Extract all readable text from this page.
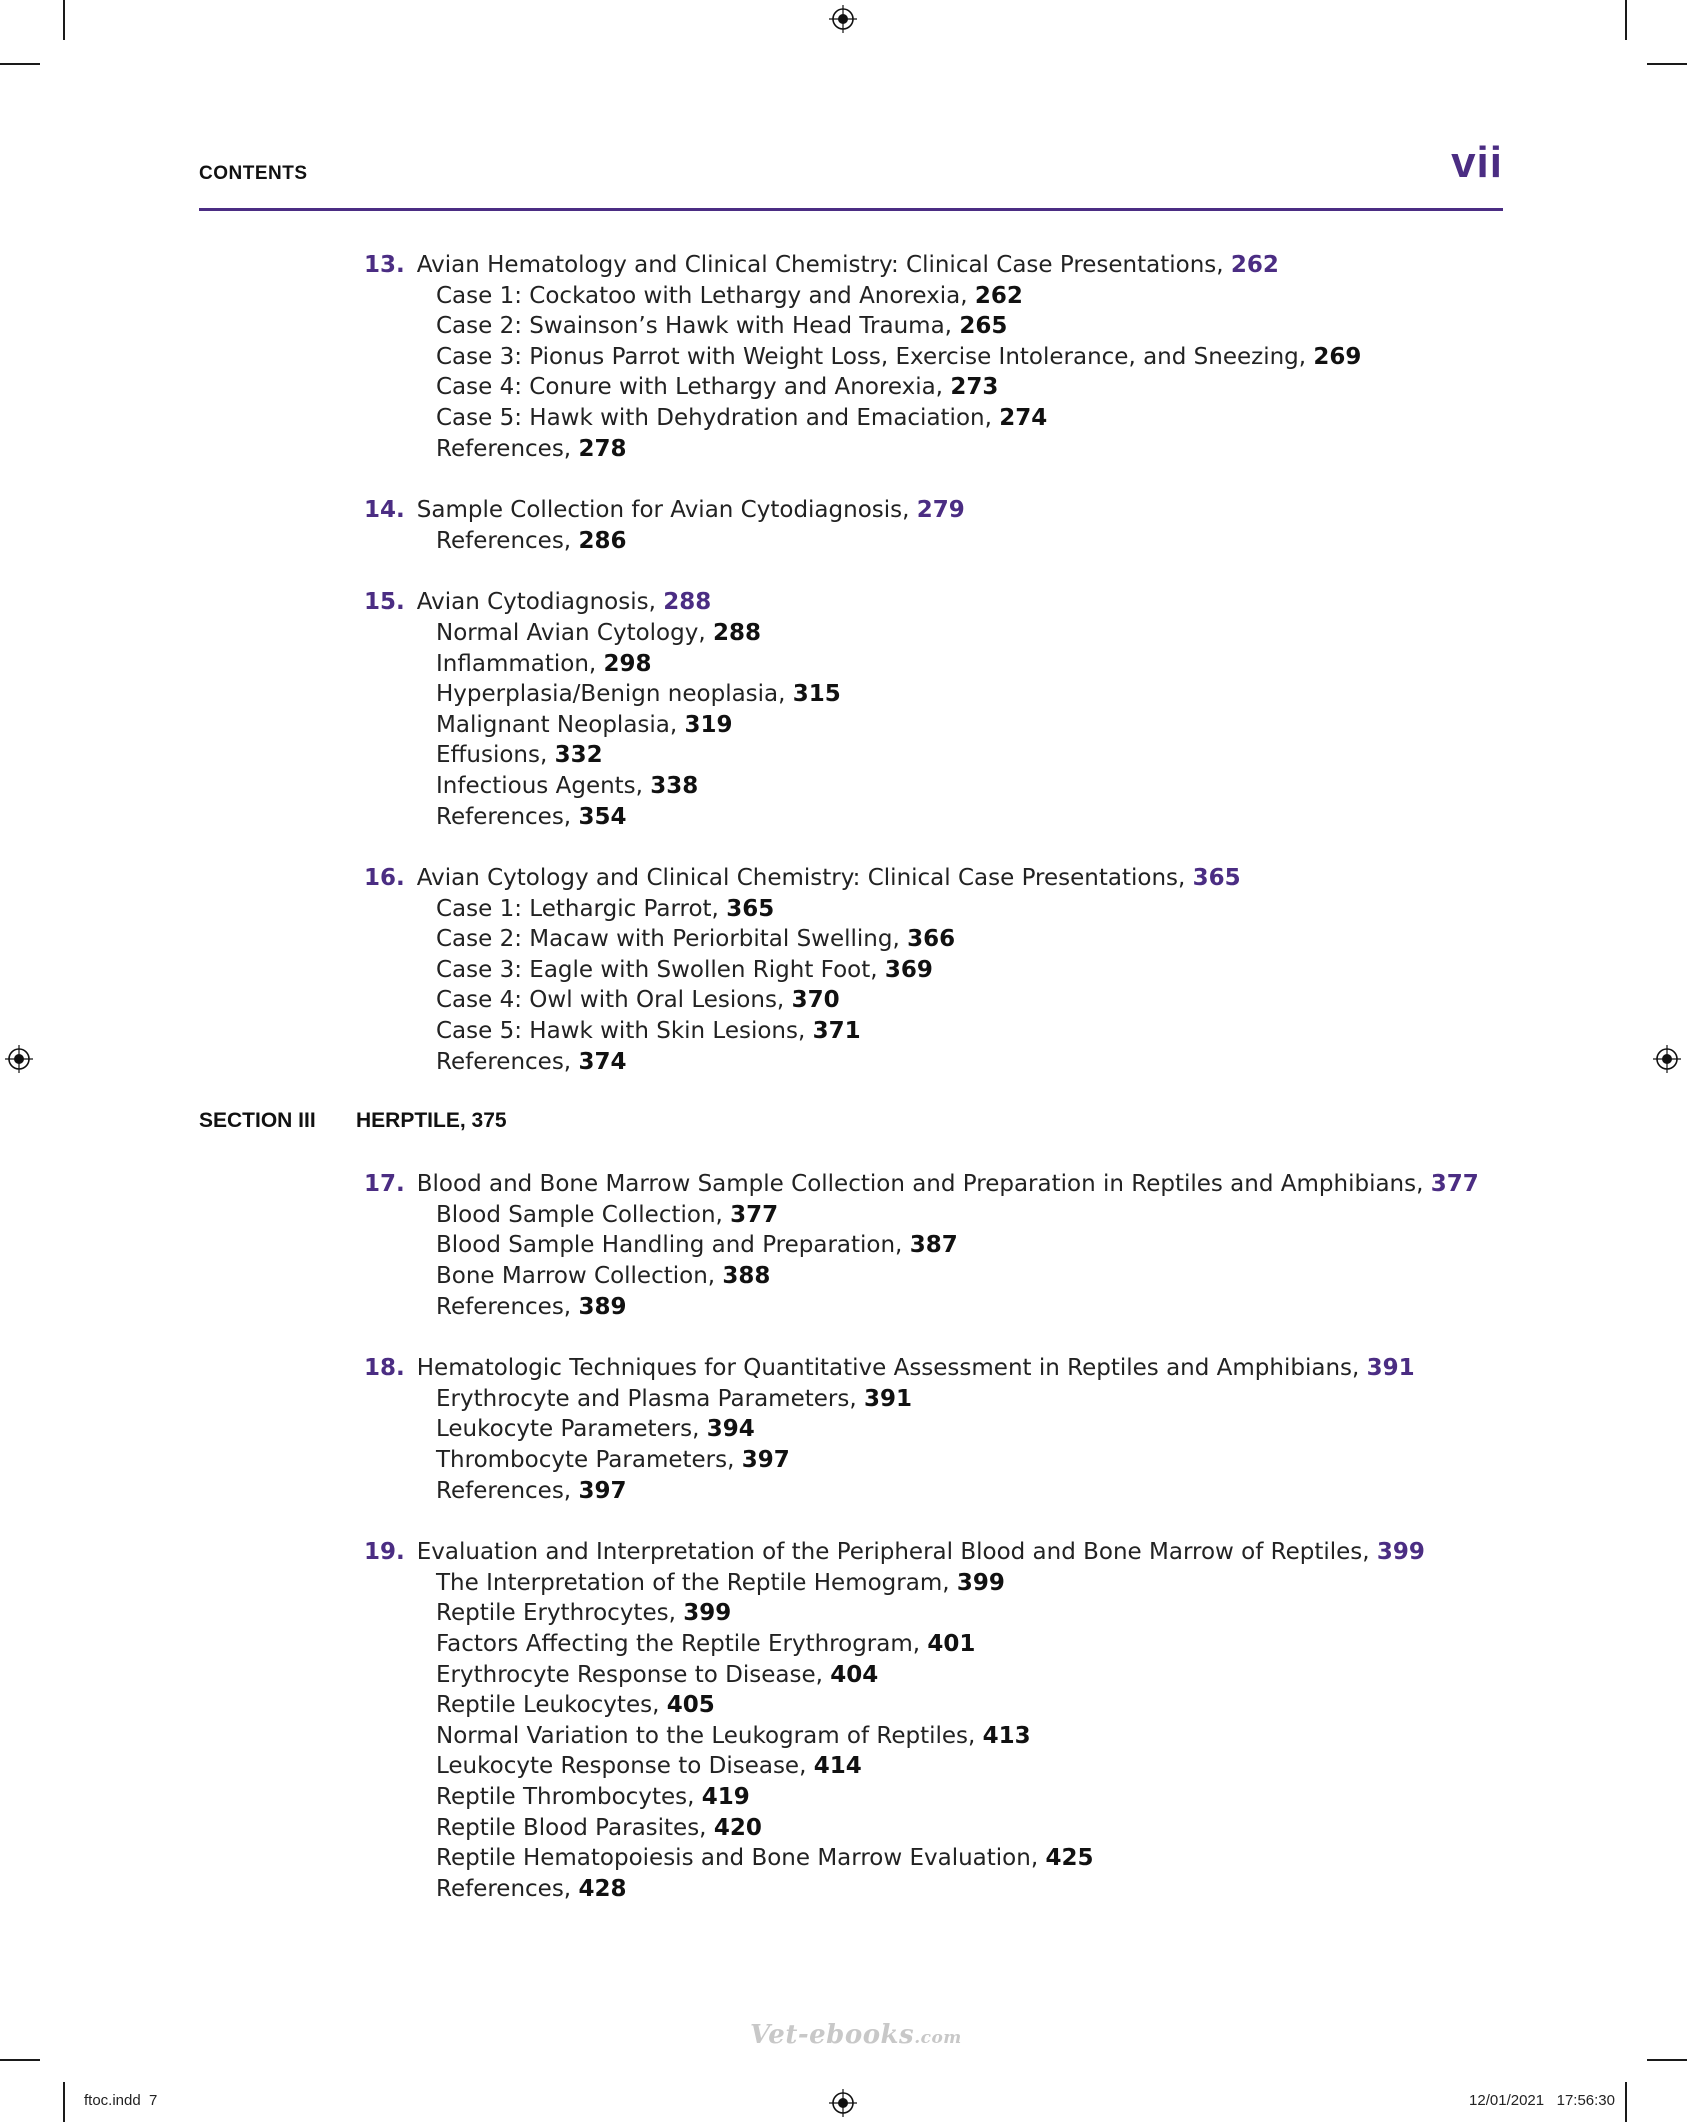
CONTENTS	vii
13. Avian Hematology and Clinical Chemistry: Clinical Case Presentations, 262
Case 1: Cockatoo with Lethargy and Anorexia, 262
Case 2: Swainson’s Hawk with Head Trauma, 265
Case 3: Pionus Parrot with Weight Loss, Exercise Intolerance, and Sneezing, 269
Case 4: Conure with Lethargy and Anorexia, 273
Case 5: Hawk with Dehydration and Emaciation, 274
References, 278
14. Sample Collection for Avian Cytodiagnosis, 279
References, 286
15. Avian Cytodiagnosis, 288
Normal Avian Cytology, 288
Inflammation, 298
Hyperplasia/Benign neoplasia, 315
Malignant Neoplasia, 319
Effusions, 332
Infectious Agents, 338
References, 354
16. Avian Cytology and Clinical Chemistry: Clinical Case Presentations, 365
Case 1: Lethargic Parrot, 365
Case 2: Macaw with Periorbital Swelling, 366
Case 3: Eagle with Swollen Right Foot, 369
Case 4: Owl with Oral Lesions, 370
Case 5: Hawk with Skin Lesions, 371
References, 374
SECTION III HERPTILE, 375
17. Blood and Bone Marrow Sample Collection and Preparation in Reptiles and Amphibians, 377
Blood Sample Collection, 377
Blood Sample Handling and Preparation, 387
Bone Marrow Collection, 388
References, 389
18. Hematologic Techniques for Quantitative Assessment in Reptiles and Amphibians, 391
Erythrocyte and Plasma Parameters, 391
Leukocyte Parameters, 394
Thrombocyte Parameters, 397
References, 397
19. Evaluation and Interpretation of the Peripheral Blood and Bone Marrow of Reptiles, 399
The Interpretation of the Reptile Hemogram, 399
Reptile Erythrocytes, 399
Factors Affecting the Reptile Erythrogram, 401
Erythrocyte Response to Disease, 404
Reptile Leukocytes, 405
Normal Variation to the Leukogram of Reptiles, 413
Leukocyte Response to Disease, 414
Reptile Thrombocytes, 419
Reptile Blood Parasites, 420
Reptile Hematopoiesis and Bone Marrow Evaluation, 425
References, 428
Vet-ebooks.com
ftoc.indd  7	12/01/2021   17:56:30
